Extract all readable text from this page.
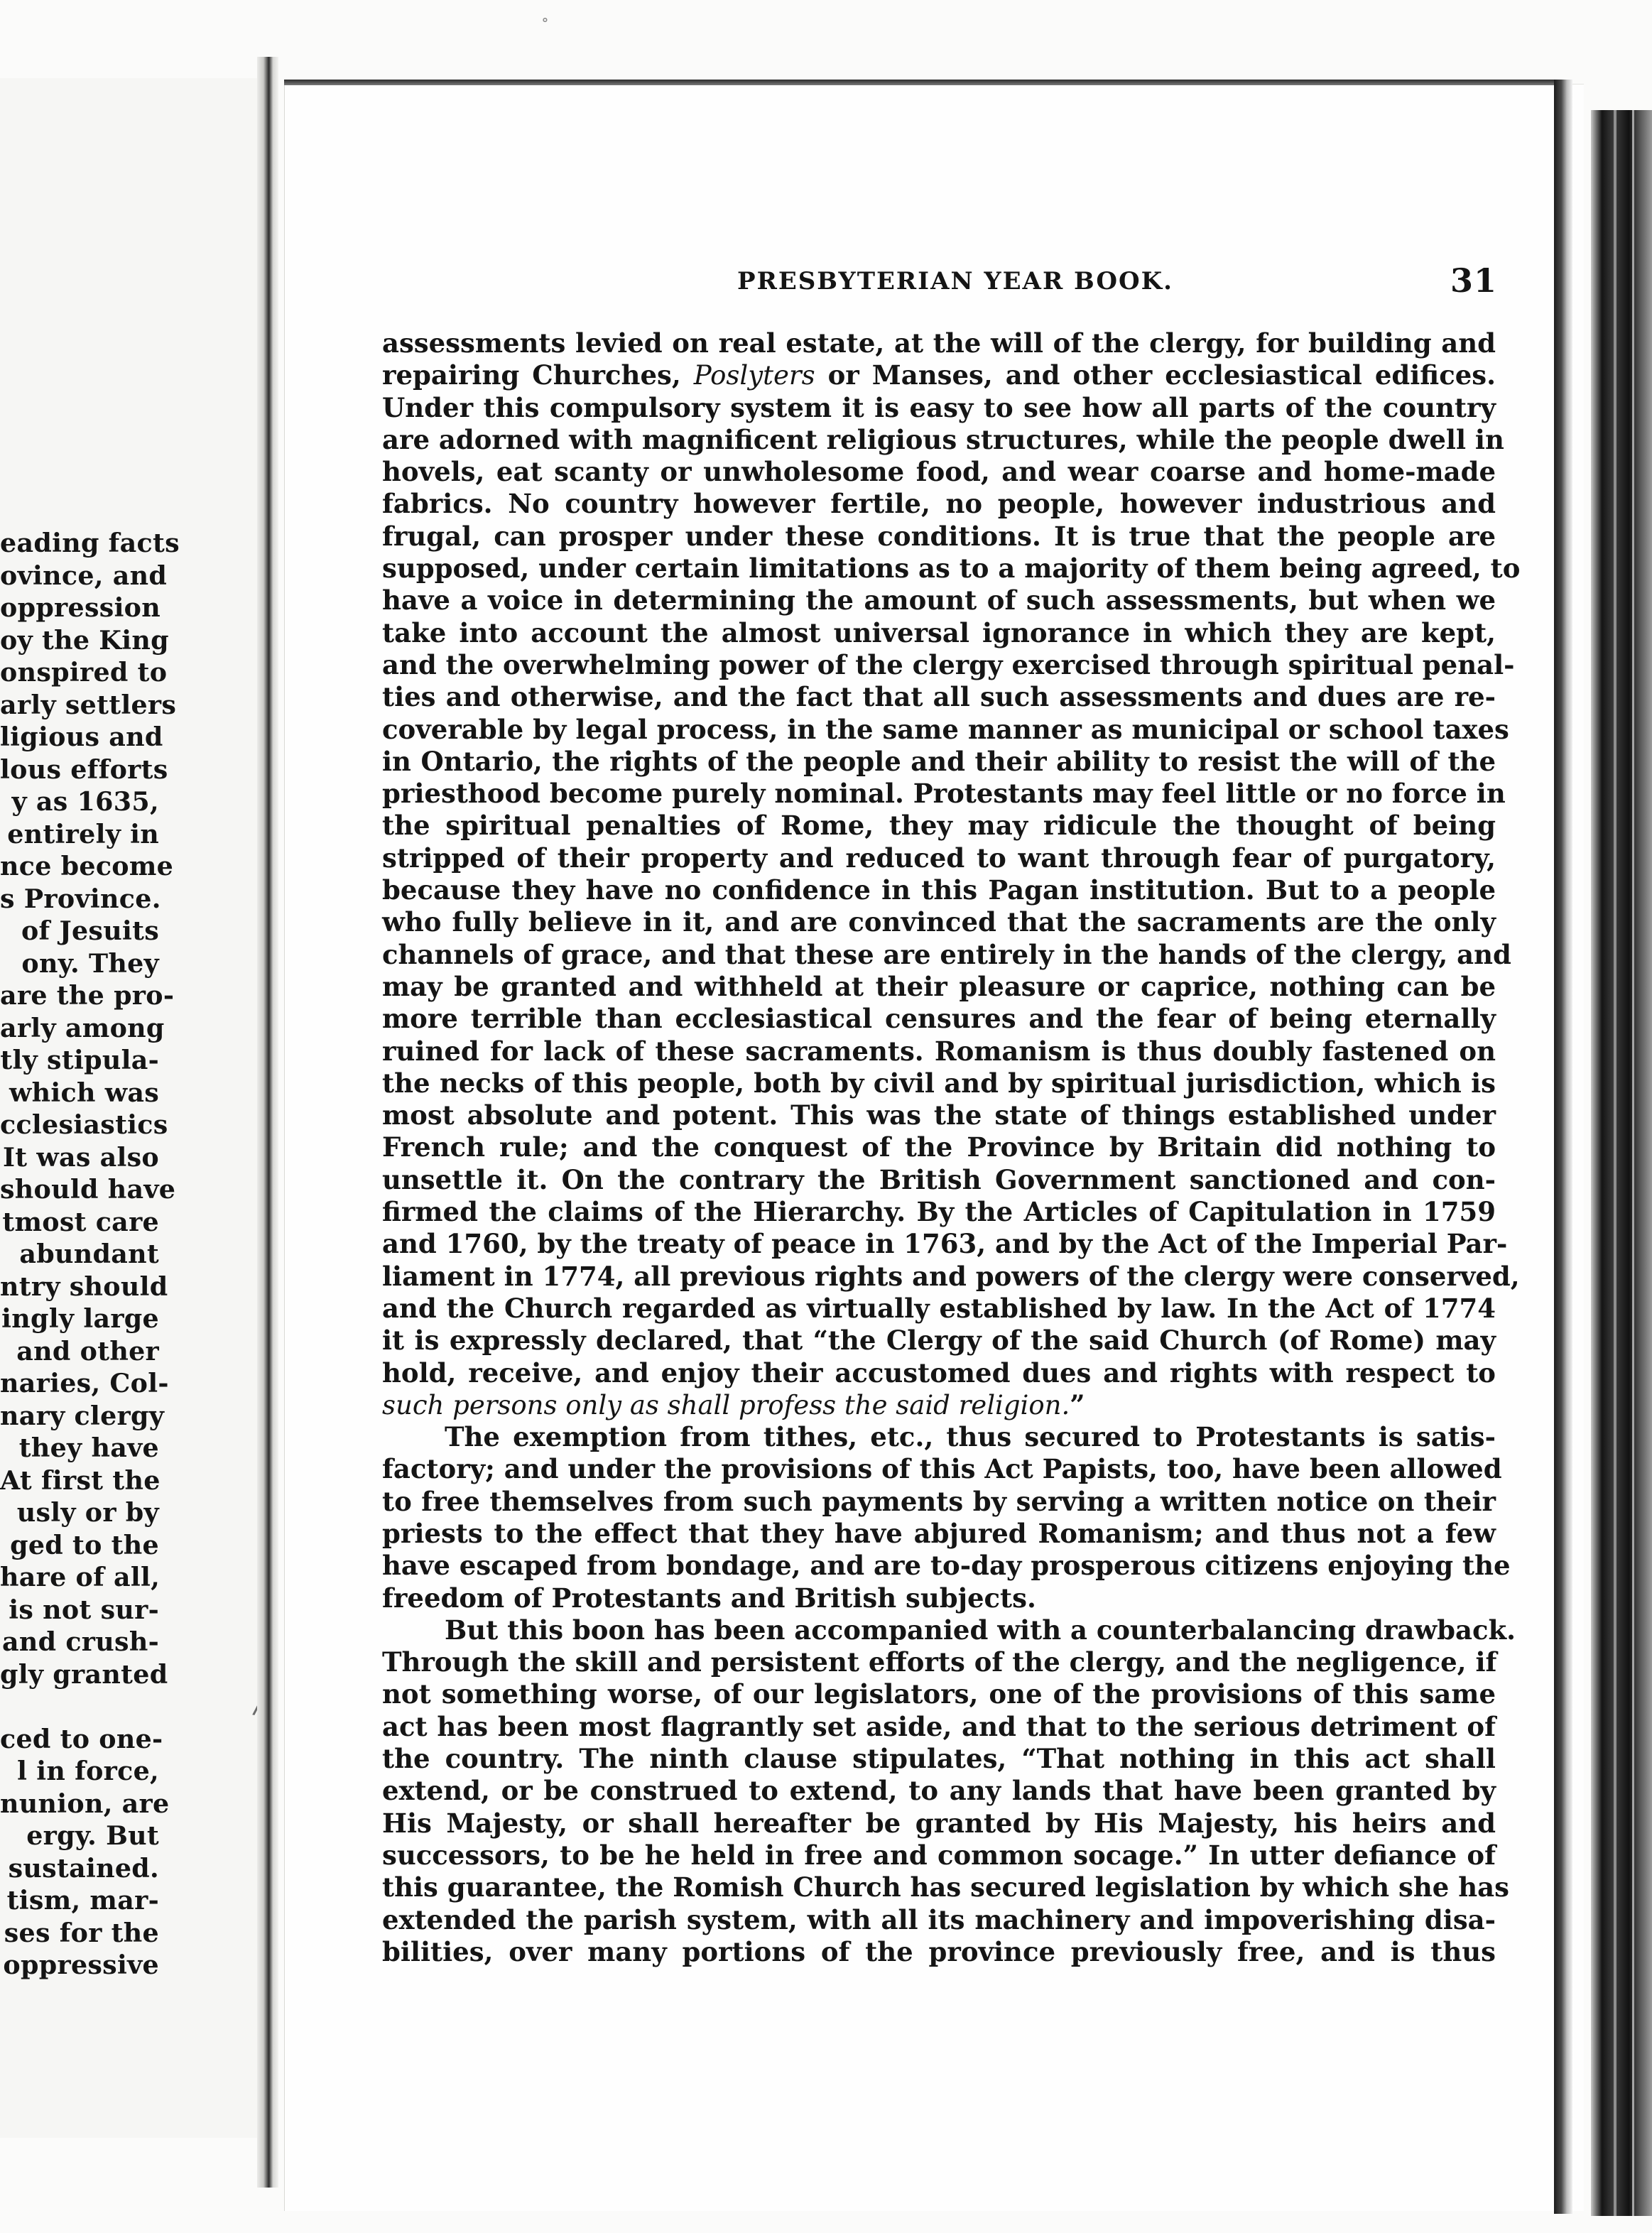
∘
eading facts
ovince, and
oppression
oy the King
onspired to
arly settlers
ligious and
lous efforts
y as 1635,
entirely in
nce become
s Province.
of Jesuits
ony. They
are the pro-
arly among
tly stipula-
which was
cclesiastics
It was also
should have
tmost care
abundant
ntry should
ingly large
and other
naries, Col-
nary clergy
they have
At first the
usly or by
ged to the
hare of all,
is not sur-
and crush-
gly granted
ced to one-
l in force,
nunion, are
ergy. But
sustained.
tism, mar-
ses for the
oppressive
PRESBYTERIAN YEAR BOOK.	31
assessments levied on real estate, at the will of the clergy, for building and
repairing Churches, Poslyters or Manses, and other ecclesiastical edifices.
Under this compulsory system it is easy to see how all parts of the country
are adorned with magnificent religious structures, while the people dwell in
hovels, eat scanty or unwholesome food, and wear coarse and home-made
fabrics. No country however fertile, no people, however industrious and
frugal, can prosper under these conditions. It is true that the people are
supposed, under certain limitations as to a majority of them being agreed, to
have a voice in determining the amount of such assessments, but when we
take into account the almost universal ignorance in which they are kept,
and the overwhelming power of the clergy exercised through spiritual penal-
ties and otherwise, and the fact that all such assessments and dues are re-
coverable by legal process, in the same manner as municipal or school taxes
in Ontario, the rights of the people and their ability to resist the will of the
priesthood become purely nominal. Protestants may feel little or no force in
the spiritual penalties of Rome, they may ridicule the thought of being
stripped of their property and reduced to want through fear of purgatory,
because they have no confidence in this Pagan institution. But to a people
who fully believe in it, and are convinced that the sacraments are the only
channels of grace, and that these are entirely in the hands of the clergy, and
may be granted and withheld at their pleasure or caprice, nothing can be
more terrible than ecclesiastical censures and the fear of being eternally
ruined for lack of these sacraments. Romanism is thus doubly fastened on
the necks of this people, both by civil and by spiritual jurisdiction, which is
most absolute and potent. This was the state of things established under
French rule; and the conquest of the Province by Britain did nothing to
unsettle it. On the contrary the British Government sanctioned and con-
firmed the claims of the Hierarchy. By the Articles of Capitulation in 1759
and 1760, by the treaty of peace in 1763, and by the Act of the Imperial Par-
liament in 1774, all previous rights and powers of the clergy were conserved,
and the Church regarded as virtually established by law. In the Act of 1774
it is expressly declared, that “the Clergy of the said Church (of Rome) may
hold, receive, and enjoy their accustomed dues and rights with respect to
such persons only as shall profess the said religion.”
The exemption from tithes, etc., thus secured to Protestants is satis-
factory; and under the provisions of this Act Papists, too, have been allowed
to free themselves from such payments by serving a written notice on their
priests to the effect that they have abjured Romanism; and thus not a few
have escaped from bondage, and are to-day prosperous citizens enjoying the
freedom of Protestants and British subjects.
But this boon has been accompanied with a counterbalancing drawback.
Through the skill and persistent efforts of the clergy, and the negligence, if
not something worse, of our legislators, one of the provisions of this same
act has been most flagrantly set aside, and that to the serious detriment of
the country. The ninth clause stipulates, “That nothing in this act shall
extend, or be construed to extend, to any lands that have been granted by
His Majesty, or shall hereafter be granted by His Majesty, his heirs and
successors, to be he held in free and common socage.” In utter defiance of
this guarantee, the Romish Church has secured legislation by which she has
extended the parish system, with all its machinery and impoverishing disa-
bilities, over many portions of the province previously free, and is thus
